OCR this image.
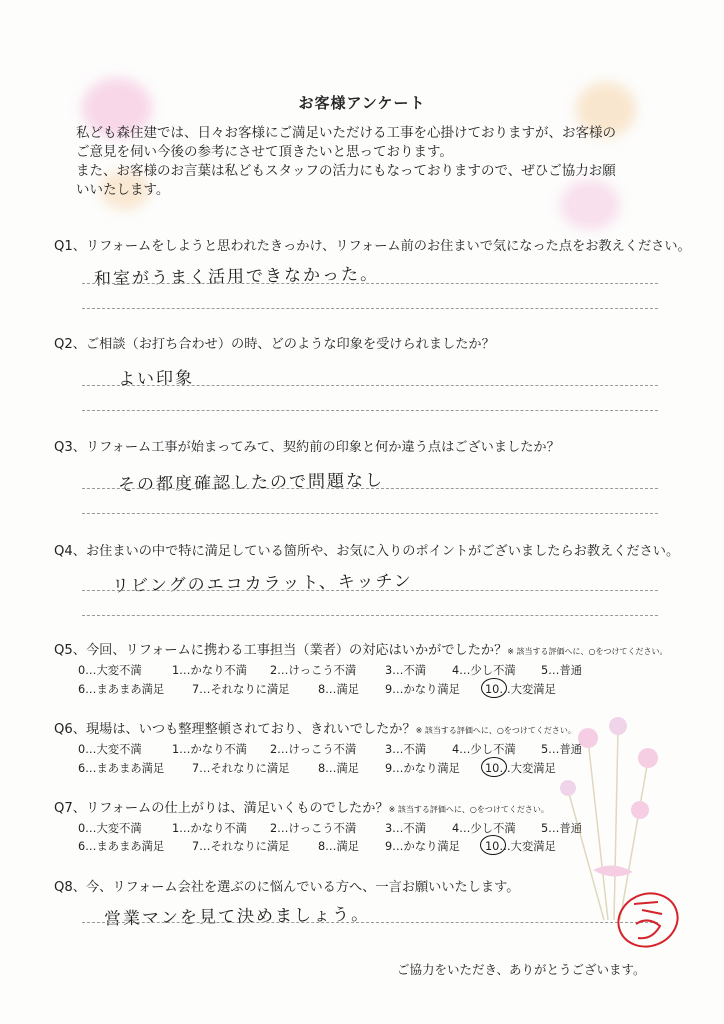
お客様アンケート
私ども森住建では、日々お客様にご満足いただける工事を心掛けておりますが、お客様の
ご意見を伺い今後の参考にさせて頂きたいと思っております。
また、お客様のお言葉は私どもスタッフの活力にもなっておりますので、ぜひご協力お願
いいたします。
Q1、リフォームをしようと思われたきっかけ、リフォーム前のお住まいで気になった点をお教えください。
和室がうまく活用できなかった。
Q2、ご相談（お打ち合わせ）の時、どのような印象を受けられましたか？
よい印象
Q3、リフォーム工事が始まってみて、契約前の印象と何か違う点はございましたか？
その都度確認したので問題なし
Q4、お住まいの中で特に満足している箇所や、お気に入りのポイントがございましたらお教えください。
リビングのエコカラット、キッチン
Q5、今回、リフォームに携わる工事担当（業者）の対応はいかがでしたか？※ 該当する評価へに、○をつけてください。
0…大変不満	1…かなり不満 2…けっこう不満	3…不満 4…少し不満 5…普通
6…まあまあ満足 7…それなりに満足	8…満足 9…かなり満足 10…大変満足
Q6、現場は、いつも整理整頓されており、きれいでしたか？※ 該当する評価へに、○をつけてください。
0…大変不満	1…かなり不満 2…けっこう不満	3…不満 4…少し不満 5…普通
6…まあまあ満足 7…それなりに満足	8…満足 9…かなり満足 10…大変満足
Q7、リフォームの仕上がりは、満足いくものでしたか？※ 該当する評価へに、○をつけてください。
0…大変不満	1…かなり不満 2…けっこう不満	3…不満 4…少し不満 5…普通
6…まあまあ満足 7…それなりに満足	8…満足 9…かなり満足 10…大変満足
Q8、今、リフォーム会社を選ぶのに悩んでいる方へ、一言お願いいたします。
営業マンを見て決めましょう。
ご協力をいただき、ありがとうございます。
